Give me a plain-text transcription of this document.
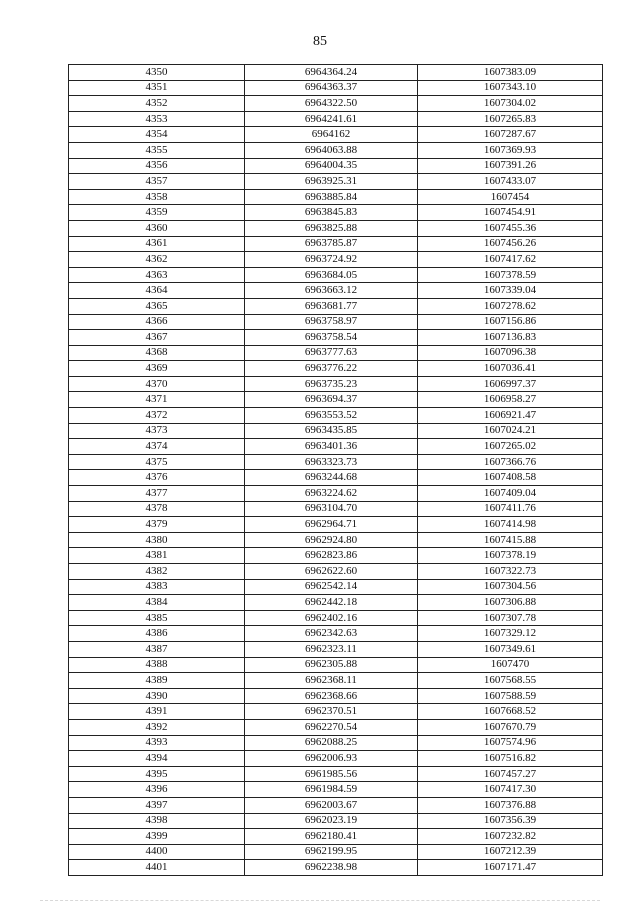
85
4350	6964364.24	1607383.09
4351	6964363.37	1607343.10
4352	6964322.50	1607304.02
4353	6964241.61	1607265.83
4354	6964162	1607287.67
4355	6964063.88	1607369.93
4356	6964004.35	1607391.26
4357	6963925.31	1607433.07
4358	6963885.84	1607454
4359	6963845.83	1607454.91
4360	6963825.88	1607455.36
4361	6963785.87	1607456.26
4362	6963724.92	1607417.62
4363	6963684.05	1607378.59
4364	6963663.12	1607339.04
4365	6963681.77	1607278.62
4366	6963758.97	1607156.86
4367	6963758.54	1607136.83
4368	6963777.63	1607096.38
4369	6963776.22	1607036.41
4370	6963735.23	1606997.37
4371	6963694.37	1606958.27
4372	6963553.52	1606921.47
4373	6963435.85	1607024.21
4374	6963401.36	1607265.02
4375	6963323.73	1607366.76
4376	6963244.68	1607408.58
4377	6963224.62	1607409.04
4378	6963104.70	1607411.76
4379	6962964.71	1607414.98
4380	6962924.80	1607415.88
4381	6962823.86	1607378.19
4382	6962622.60	1607322.73
4383	6962542.14	1607304.56
4384	6962442.18	1607306.88
4385	6962402.16	1607307.78
4386	6962342.63	1607329.12
4387	6962323.11	1607349.61
4388	6962305.88	1607470
4389	6962368.11	1607568.55
4390	6962368.66	1607588.59
4391	6962370.51	1607668.52
4392	6962270.54	1607670.79
4393	6962088.25	1607574.96
4394	6962006.93	1607516.82
4395	6961985.56	1607457.27
4396	6961984.59	1607417.30
4397	6962003.67	1607376.88
4398	6962023.19	1607356.39
4399	6962180.41	1607232.82
4400	6962199.95	1607212.39
4401	6962238.98	1607171.47
